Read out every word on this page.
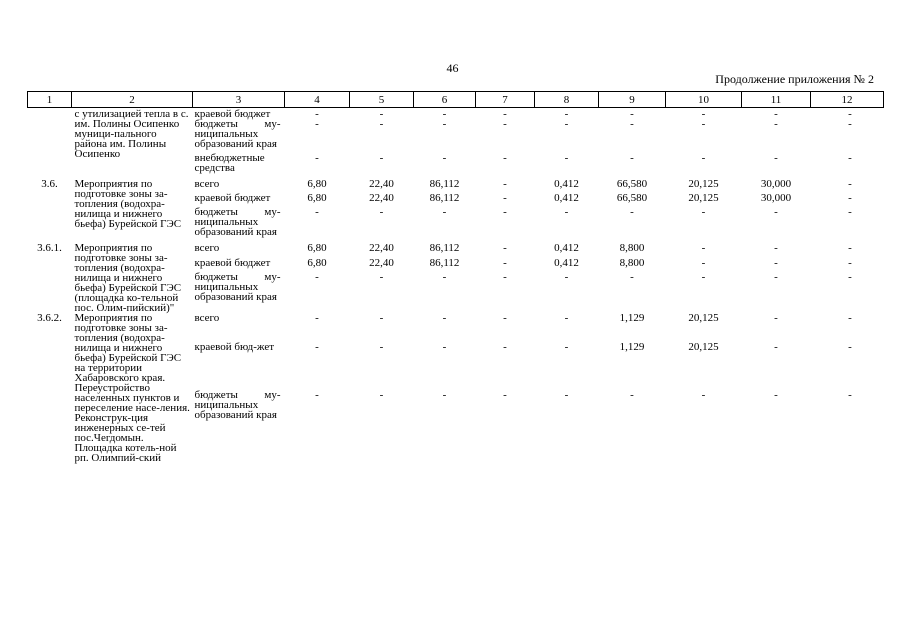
46
Продолжение приложения № 2
1	2	3	4	5	6	7	8	9	10	11	12
	с утилизацией тепла в с. им. Полины Осипенко муници-пального района им. Полины Осипенко	краевой бюджет	-	-	-	-	-	-	-	-	-
		бюджеты му-ниципальных образований края	-	-	-	-	-	-	-	-	-
		внебюджетные средства	-	-	-	-	-	-	-	-	-
3.6.	Мероприятия по подготовке зоны за-топления (водохра-нилища и нижнего бьефа) Бурейской ГЭС	всего	6,80	22,40	86,112	-	0,412	66,580	20,125	30,000	-
		краевой бюджет	6,80	22,40	86,112	-	0,412	66,580	20,125	30,000	-
		бюджеты му-ниципальных образований края	-	-	-	-	-	-	-	-	-
3.6.1.	Мероприятия по подготовке зоны за-топления (водохра-нилища и нижнего бьефа) Бурейской ГЭС (площадка ко-тельной пос. Олим-пийский)"	всего	6,80	22,40	86,112	-	0,412	8,800	-	-	-
		краевой бюджет	6,80	22,40	86,112	-	0,412	8,800	-	-	-
		бюджеты му-ниципальных образований края	-	-	-	-	-	-	-	-	-
3.6.2.	Мероприятия по подготовке зоны за-топления (водохра-нилища и нижнего бьефа) Бурейской ГЭС на территории Хабаровского края. Переустройство населенных пунктов и переселение насе-ления. Реконструк-ция инженерных се-тей пос.Чегдомын. Площадка котель-ной рп. Олимпий-ский	всего	-	-	-	-	-	1,129	20,125	-	-
		краевой бюд-жет	-	-	-	-	-	1,129	20,125	-	-
		бюджеты му-ниципальных образований края	-	-	-	-	-	-	-	-	-
